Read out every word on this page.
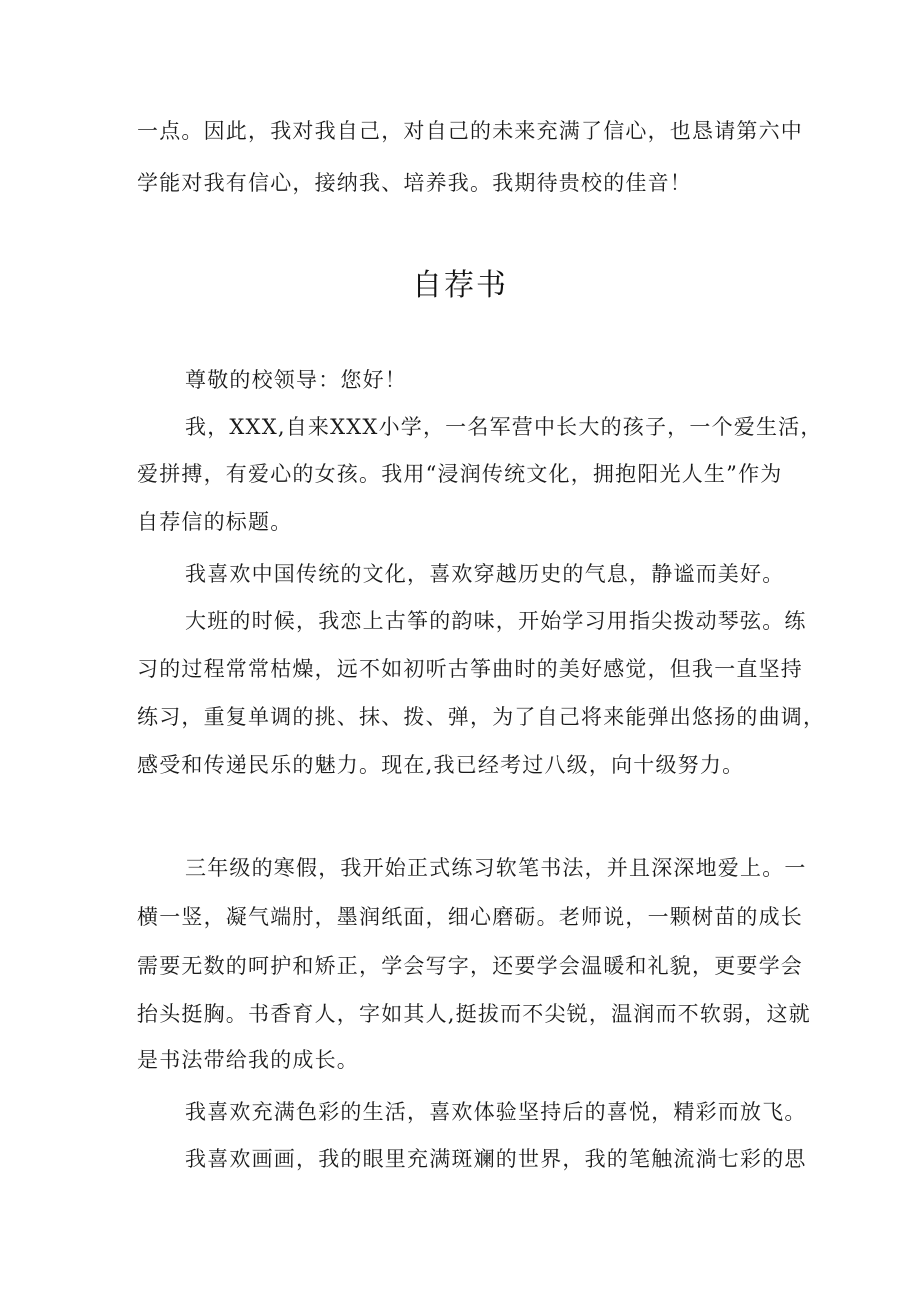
一点。因此，我对我自己，对自己的未来充满了信心，也恳请第六中
学能对我有信心，接纳我、培养我。我期待贵校的佳音！
自荐书
尊敬的校领导：您好！
我，XXX,自来XXX小学，一名军营中长大的孩子，一个爱生活，
爱拼搏，有爱心的女孩。我用“浸润传统文化，拥抱阳光人生”作为
自荐信的标题。
我喜欢中国传统的文化，喜欢穿越历史的气息，静谧而美好。
大班的时候，我恋上古筝的韵味，开始学习用指尖拨动琴弦。练
习的过程常常枯燥，远不如初听古筝曲时的美好感觉，但我一直坚持
练习，重复单调的挑、抹、拨、弹，为了自己将来能弹出悠扬的曲调，
感受和传递民乐的魅力。现在,我已经考过八级，向十级努力。
三年级的寒假，我开始正式练习软笔书法，并且深深地爱上。一
横一竖，凝气端肘，墨润纸面，细心磨砺。老师说，一颗树苗的成长
需要无数的呵护和矫正，学会写字，还要学会温暖和礼貌，更要学会
抬头挺胸。书香育人，字如其人,挺拔而不尖锐，温润而不软弱，这就
是书法带给我的成长。
我喜欢充满色彩的生活，喜欢体验坚持后的喜悦，精彩而放飞。
我喜欢画画，我的眼里充满斑斓的世界，我的笔触流淌七彩的思
